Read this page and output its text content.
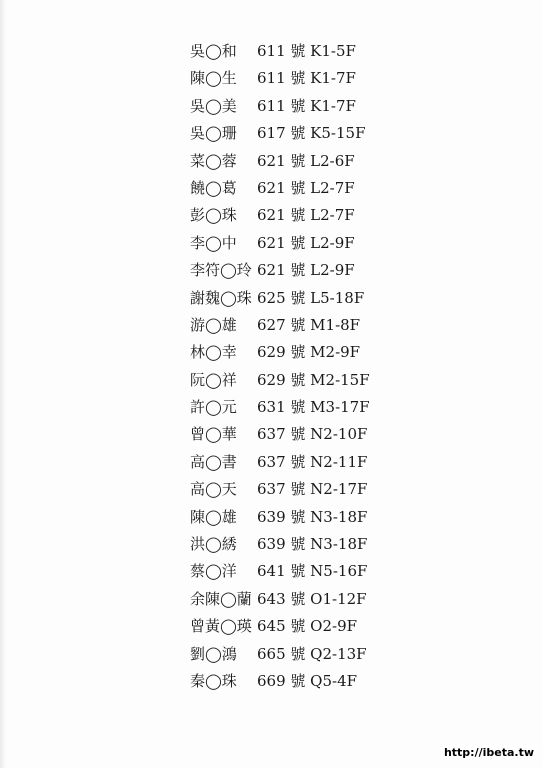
吳◯和 611 號 K1-5F
陳◯生 611 號 K1-7F
吳◯美 611 號 K1-7F
吳◯珊 617 號 K5-15F
菜◯蓉 621 號 L2-6F
饒◯葛 621 號 L2-7F
彭◯珠 621 號 L2-7F
李◯中 621 號 L2-9F
李符◯玲 621 號 L2-9F
謝魏◯珠 625 號 L5-18F
游◯雄 627 號 M1-8F
林◯幸 629 號 M2-9F
阮◯祥 629 號 M2-15F
許◯元 631 號 M3-17F
曾◯華 637 號 N2-10F
高◯書 637 號 N2-11F
高◯天 637 號 N2-17F
陳◯雄 639 號 N3-18F
洪◯綉 639 號 N3-18F
蔡◯洋 641 號 N5-16F
余陳◯蘭 643 號 O1-12F
曾黃◯瑛 645 號 O2-9F
劉◯鴻 665 號 Q2-13F
秦◯珠 669 號 Q5-4F
http://ibeta.tw
